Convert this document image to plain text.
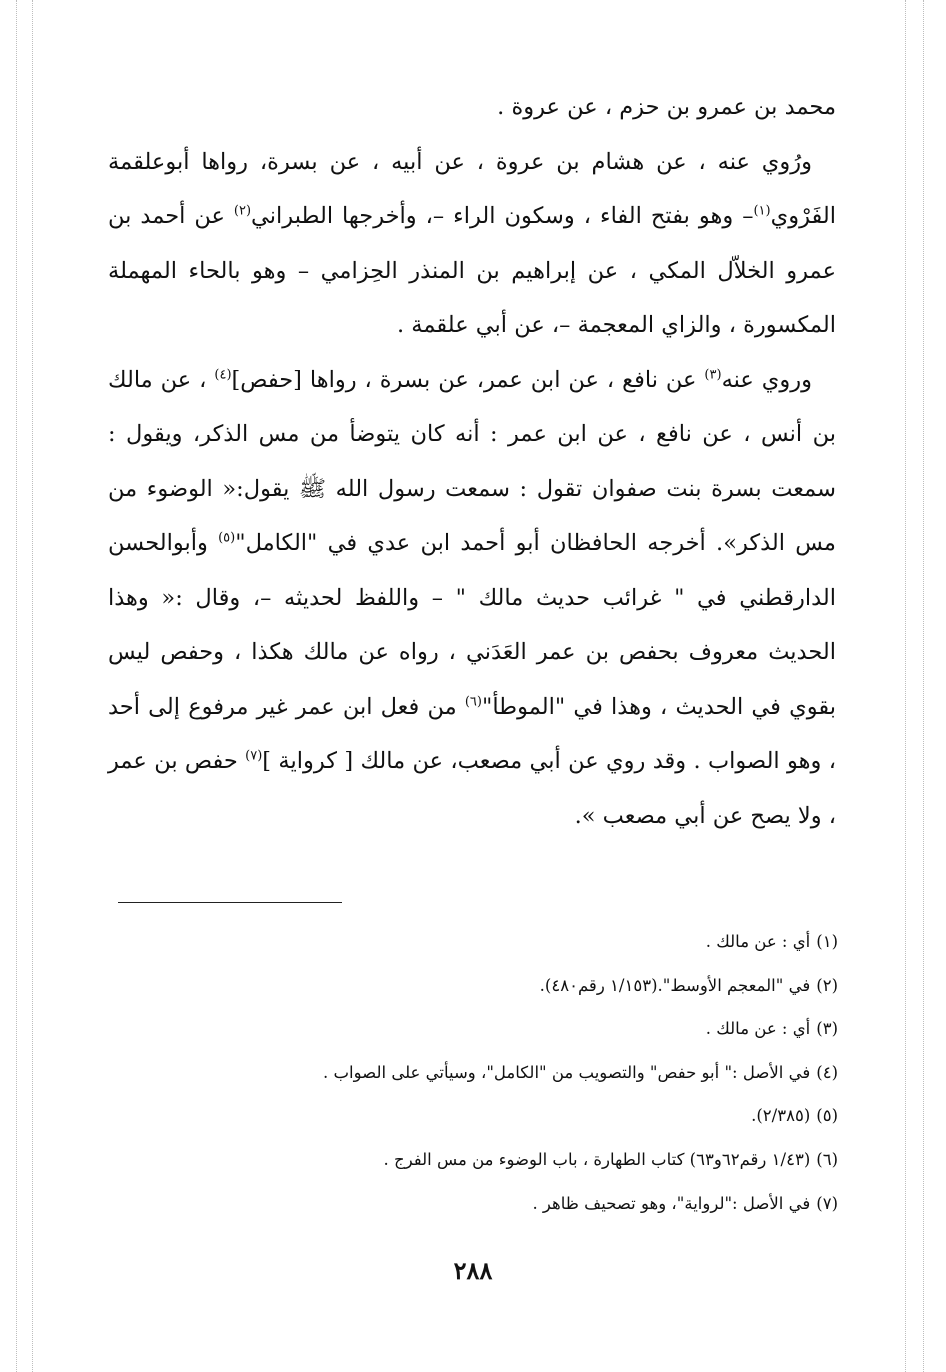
محمد بن عمرو بن حزم ، عن عروة .

ورُوي عنه ، عن هشام بن عروة ، عن أبيه ، عن بسرة، رواها أبوعلقمة الفَرْوي$^{(١)}$– وهو بفتح الفاء ، وسكون الراء –، وأخرجها الطبراني$^{(٢)}$ عن أحمد بن عمرو الخلاّل المكي ، عن إبراهيم بن المنذر الحِزامي – وهو بالحاء المهملة المكسورة ، والزاي المعجمة –، عن أبي علقمة .

وروي عنه$^{(٣)}$ عن نافع ، عن ابن عمر، عن بسرة ، رواها [حفص]$^{(٤)}$ ، عن مالك بن أنس ، عن نافع ، عن ابن عمر : أنه كان يتوضأ من مس الذكر، ويقول : سمعت بسرة بنت صفوان تقول : سمعت رسول الله ﷺ يقول:« الوضوء من مس الذكر». أخرجه الحافظان أبو أحمد ابن عدي في "الكامل"$^{(٥)}$ وأبوالحسن الدارقطني في " غرائب حديث مالك " – واللفظ لحديثه –، وقال :« وهذا الحديث معروف بحفص بن عمر العَدَني ، رواه عن مالك هكذا ، وحفص ليس بقوي في الحديث ، وهذا في "الموطأ"$^{(٦)}$ من فعل ابن عمر غير مرفوع إلى أحد ، وهو الصواب . وقد روي عن أبي مصعب، عن مالك [ كرواية ]$^{(٧)}$ حفص بن عمر ، ولا يصح عن أبي مصعب ».

(١)أي : عن مالك .
(٢)في "المعجم الأوسط".(١/١٥٣ رقم٤٨٠).
(٣)أي : عن مالك .
(٤)في الأصل :" أبو حفص" والتصويب من "الكامل"، وسيأتي على الصواب .
(٥)(٢/٣٨٥).
(٦)(١/٤٣ رقم٦٢و٦٣) كتاب الطهارة ، باب الوضوء من مس الفرج .
(٧)في الأصل :"لرواية"، وهو تصحيف ظاهر .
٢٨٨
